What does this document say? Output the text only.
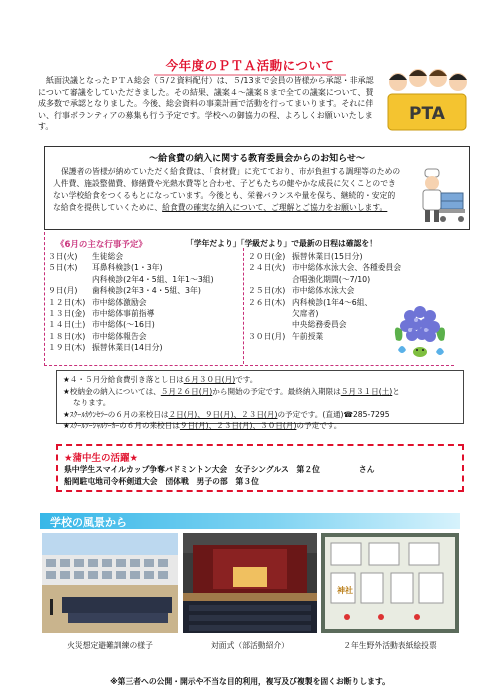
今年度のＰＴＡ活動について

紙面決議となったＰＴＡ総会（５/２資料配付）は、５/13まで会員の皆様から承認・非承認について審議をしていただきました。その結果、議案４～議案８まで全ての議案について、賛成多数で承認となりました。今後、総会資料の事業計画で活動を行ってまいります。それに伴い、行事ボランティアの募集も行う予定です。学校への御協力の程、よろしくお願いいたします。

PTA
～給食費の納入に関する教育委員会からのお知らせ～

保護者の皆様が納めていただく給食費は、「食材費」に充てており、市が負担する調理等のための人件費、施設整備費、修繕費や光熱水費等と合わせ、子どもたちの健やかな成長に欠くことのできない学校給食をつくるもとになっています。今後とも、栄養バランスや量を保ち、継続的・安定的な給食を提供していくために、給食費の確実な納入について、ご理解とご協力をお願いします。

《6月の主な行事予定》	「学年だより」「学級だより」で最新の日程は確認を！
３日(火)	生徒総会
５日(木)	耳鼻科検診(1・3年)
内科検診(2年4・5組、1年1～3組)
９日(月)	歯科検診(2年3・4・5組、3年)
１２日(木) 市中総体激励会
１３日(金) 市中総体事前指導
１４日(土) 市中総体(～16日)
１８日(水) 市中総体報告会
１９日(木) 振替休業日(14日分)
２０日(金) 振替休業日(15日分)
２４日(火) 市中総体水泳大会、各種委員会
合唱強化期間(～7/10)
２５日(水) 市中総体水泳大会
２６日(木) 内科検診(1年4～6組、
欠席者)
中央総務委員会
３０日(月) 午前授業
★４・５月分給食費引き落とし日は６月３０日(月)です。
★校納金の納入については、５月２６日(月)から開始の予定です。最終納入期限は５月３１日(土)と
なります。
★ｽｸｰﾙｶｳﾝｾﾗｰの６月の来校日は２日(月)、９日(月)、２３日(月)の予定です。(直通)☎285-7295
★ｽｸｰﾙｿｰｼｬﾙﾜｰｶｰの６月の来校日は９日(月)、２３日(月)、３０日(月)の予定です。
★蒲中生の活躍★
県中学生スマイルカップ争奪バドミントン大会　女子シングルス　第２位　　　　　さん
船岡駐屯地司令杯剣道大会　団体戦　男子の部　第３位
学校の風景から
神社
火災想定避難訓練の様子	対面式（部活動紹介）	２年生野外活動表紙絵投票
※第三者への公開・開示や不当な目的利用，複写及び複製を固くお断りします。
